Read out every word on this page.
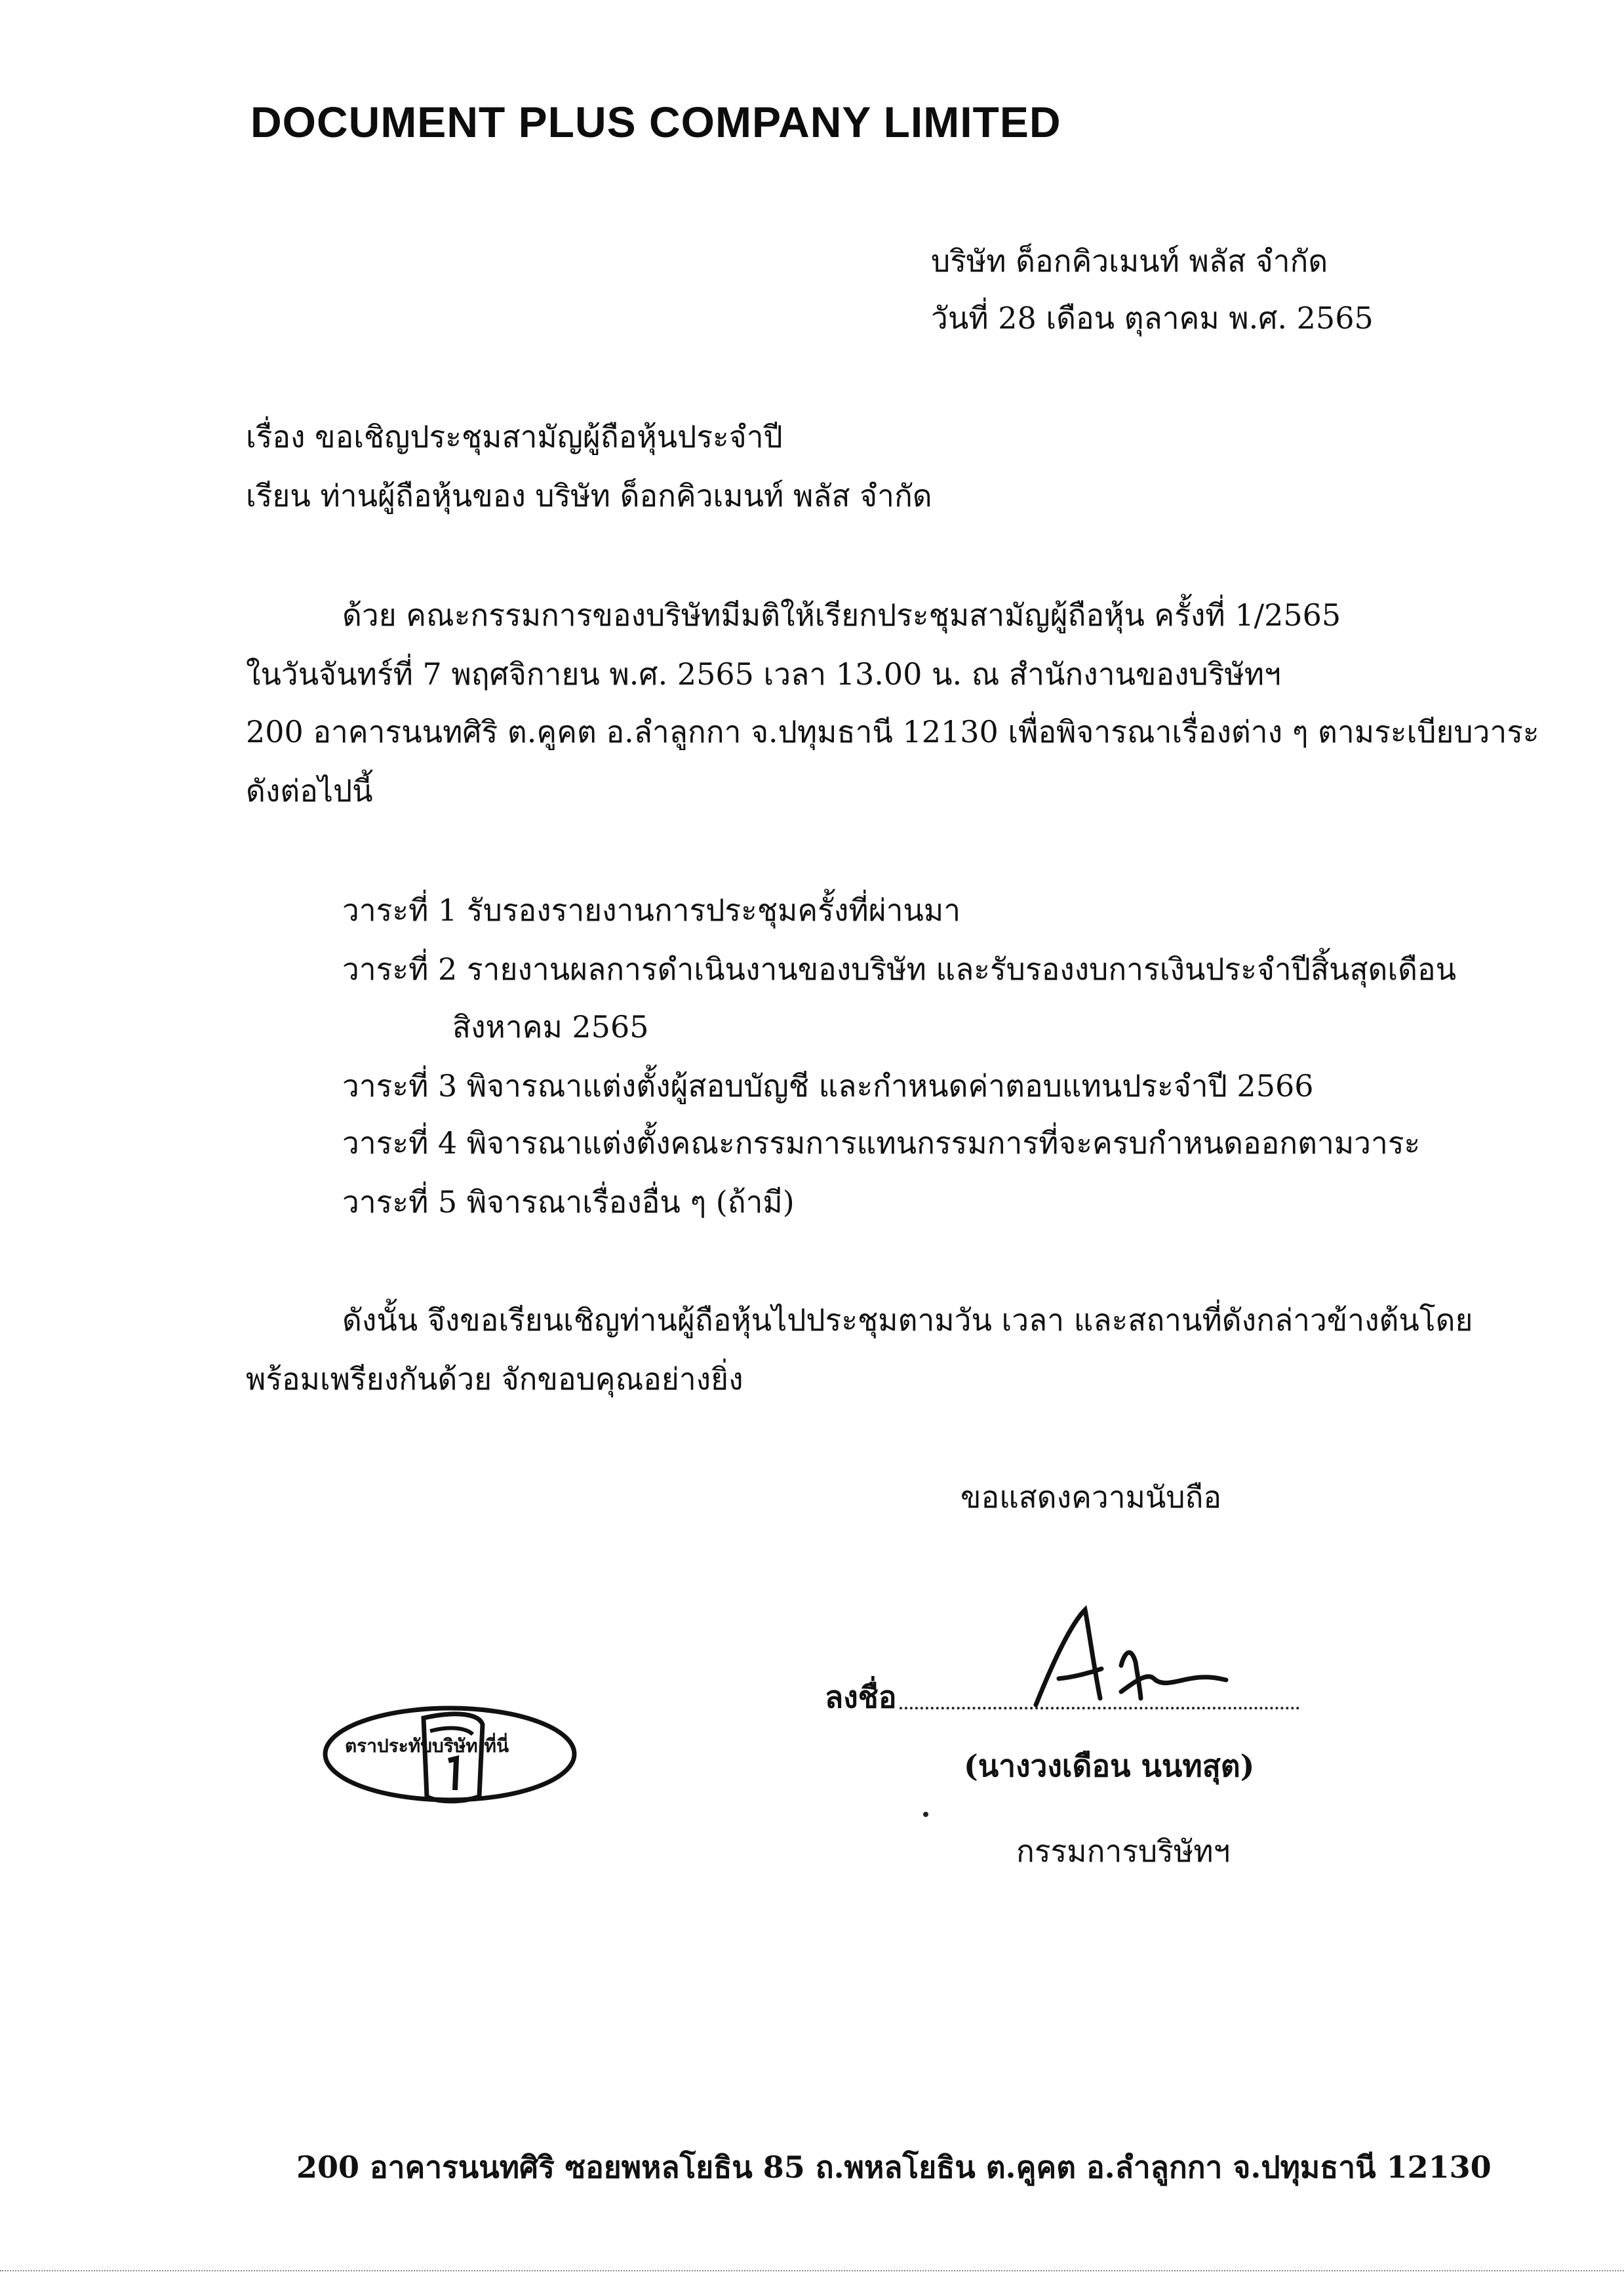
DOCUMENT PLUS COMPANY LIMITED
บริษัท ด็อกคิวเมนท์ พลัส จำกัด
วันที่ 28 เดือน ตุลาคม พ.ศ. 2565
เรื่อง ขอเชิญประชุมสามัญผู้ถือหุ้นประจำปี
เรียน ท่านผู้ถือหุ้นของ บริษัท ด็อกคิวเมนท์ พลัส จำกัด
ด้วย คณะกรรมการของบริษัทมีมติให้เรียกประชุมสามัญผู้ถือหุ้น ครั้งที่ 1/2565
ในวันจันทร์ที่ 7 พฤศจิกายน พ.ศ. 2565 เวลา 13.00 น. ณ สำนักงานของบริษัทฯ
200 อาคารนนทศิริ ต.คูคต อ.ลำลูกกา จ.ปทุมธานี 12130 เพื่อพิจารณาเรื่องต่าง ๆ ตามระเบียบวาระ
ดังต่อไปนี้
วาระที่ 1 รับรองรายงานการประชุมครั้งที่ผ่านมา
วาระที่ 2 รายงานผลการดำเนินงานของบริษัท และรับรองงบการเงินประจำปีสิ้นสุดเดือน
สิงหาคม 2565
วาระที่ 3 พิจารณาแต่งตั้งผู้สอบบัญชี และกำหนดค่าตอบแทนประจำปี 2566
วาระที่ 4 พิจารณาแต่งตั้งคณะกรรมการแทนกรรมการที่จะครบกำหนดออกตามวาระ
วาระที่ 5 พิจารณาเรื่องอื่น ๆ (ถ้ามี)
ดังนั้น จึงขอเรียนเชิญท่านผู้ถือหุ้นไปประชุมตามวัน เวลา และสถานที่ดังกล่าวข้างต้นโดย
พร้อมเพรียงกันด้วย จักขอบคุณอย่างยิ่ง
ขอแสดงความนับถือ
ลงชื่อ
(นางวงเดือน นนทสุต)
กรรมการบริษัทฯ
ตราประทับบริษัท ที่นี่
200 อาคารนนทศิริ ซอยพหลโยธิน 85 ถ.พหลโยธิน ต.คูคต อ.ลำลูกกา จ.ปทุมธานี 12130
